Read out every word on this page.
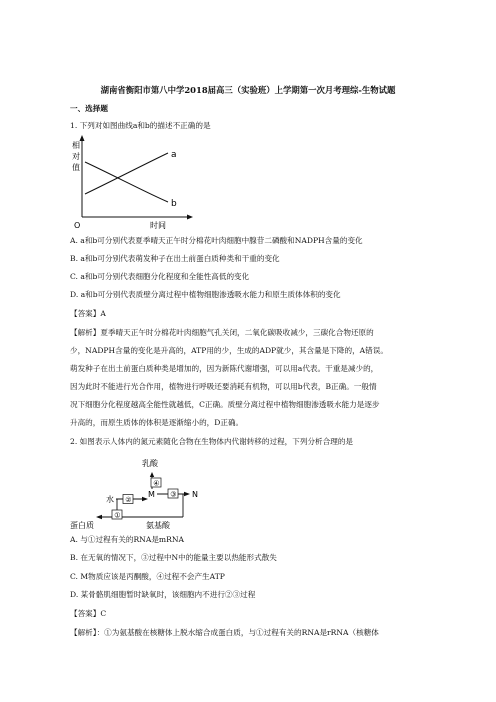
湖南省衡阳市第八中学2018届高三（实验班）上学期第一次月考理综-生物试题
一、选择题
1. 下列对如图曲线a和b的描述不正确的是
相
对
值
a
b
O	时间
A. a和b可分别代表夏季晴天正午时分棉花叶肉细胞中腺苷二磷酸和NADPH含量的变化
B. a和b可分别代表萌发种子在出土前蛋白质种类和干重的变化
C. a和b可分别代表细胞分化程度和全能性高低的变化
D. a和b可分别代表质壁分离过程中植物细胞渗透吸水能力和原生质体体积的变化
【答案】A
【解析】夏季晴天正午时分棉花叶肉细胞气孔关闭，二氧化碳吸收减少，三碳化合物还原的
少，NADPH含量的变化是升高的，ATP用的少，生成的ADP就少，其含量是下降的，A错误。
萌发种子在出土前蛋白质种类是增加的，因为新陈代谢增强，可以用a代表。干重是减少的，
因为此时不能进行光合作用，植物进行呼吸还要消耗有机物，可以用b代表，B正确。一般情
况下细胞分化程度越高全能性就越低，C正确。质壁分离过程中植物细胞渗透吸水能力是逐步
升高的，而原生质体的体积是逐渐缩小的，D正确。
2. 如图表示人体内的氮元素随化合物在生物体内代谢转移的过程，下列分析合理的是
乳酸
④
M ③ N
水 ②
①
蛋白质	氨基酸
A. 与①过程有关的RNA是mRNA
B. 在无氧的情况下，③过程中N中的能量主要以热能形式散失
C. M物质应该是丙酮酸，④过程不会产生ATP
D. 某骨骼肌细胞暂时缺氧时，该细胞内不进行②③过程
【答案】C
【解析】：①为氨基酸在核糖体上脱水缩合成蛋白质，与①过程有关的RNA是rRNA（核糖体
